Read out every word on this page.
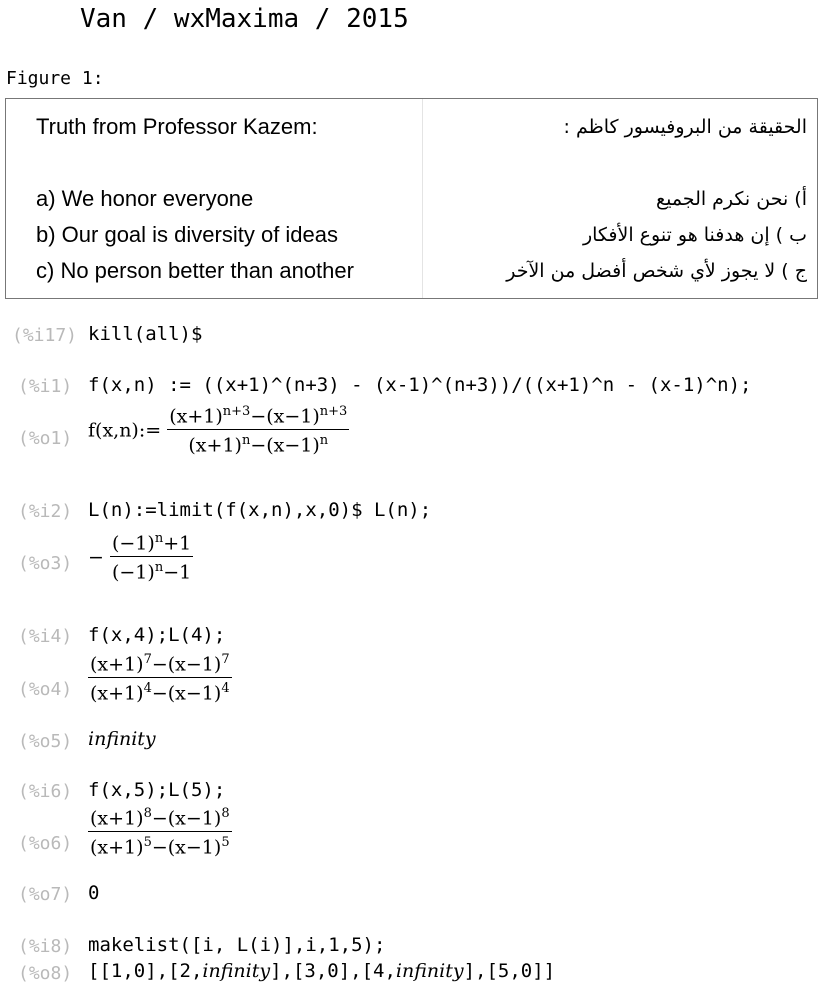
Van / wxMaxima / 2015
Figure 1:
Truth from Professor Kazem:
a) We honor everyone
b) Our goal is diversity of ideas
c) No person better than another
الحقيقة من البروفيسور كاظم :
أ) نحن نكرم الجميع
ب ) إن هدفنا هو تنوع الأفكار
ج ) لا يجوز لأي شخص أفضل من الآخر
(%i17) kill(all)$
(%i1) f(x,n) := ((x+1)^(n+3) - (x-1)^(n+3))/((x+1)^n - (x-1)^n);
(%o1) f(x,n):= $\frac{(x+1)^{n+3}-(x-1)^{n+3}}{(x+1)^n-(x-1)^n}$
(%i2) L(n):=limit(f(x,n),x,0)$ L(n);
$(\%o3) - \frac{(-1)^n+1}{(-1)^n-1}$
(%i4) f(x,4);L(4);
$(\%o4) \frac{(x+1)^7-(x-1)^7}{(x+1)^4-(x-1)^4}$
(%o5) infinity
(%i6) f(x,5);L(5);
$(\%o6) \frac{(x+1)^8-(x-1)^8}{(x+1)^5-(x-1)^5}$
(%o7) 0
(%i8) makelist([i, L(i)],i,1,5);
(%o8) [[1,0],[2,infinity],[3,0],[4,infinity],[5,0]]
